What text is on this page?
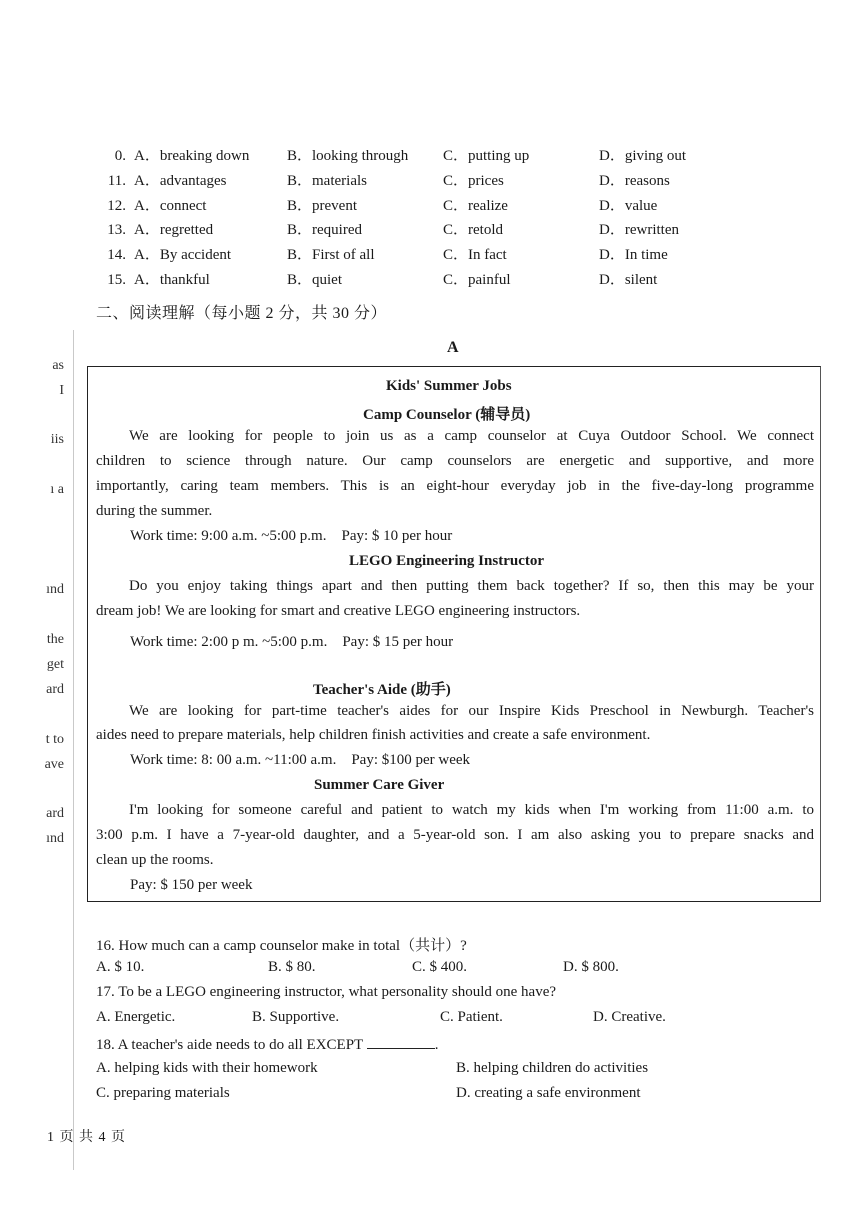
0. A．breaking down	B．looking through C．putting up	D．giving out
11. A．advantages	B．materials	C．prices	D．reasons
12. A．connect	B．prevent	C．realize	D．value
13. A．regretted	B．required	C．retold	D．rewritten
14. A．By accident	B．First of all	C．In fact	D．In time
15. A．thankful	B．quiet	C．painful	D．silent
二、阅读理解（每小题 2 分，共 30 分）
A
as
I
iis
ı a
ınd
the
get
ard
t to
ave
ard
ınd
Kids' Summer Jobs
Camp Counselor (辅导员)
We are looking for people to join us as a camp counselor at Cuya Outdoor School. We connect
children to science through nature. Our camp counselors are energetic and supportive, and more
importantly, caring team members. This is an eight-hour everyday job in the five-day-long programme
during the summer.
Work time: 9:00 a.m. ~5:00 p.m.    Pay: $ 10 per hour
LEGO Engineering Instructor
Do you enjoy taking things apart and then putting them back together? If so, then this may be your
dream job! We are looking for smart and creative LEGO engineering instructors.
Work time: 2:00 p m. ~5:00 p.m.    Pay: $ 15 per hour
Teacher's Aide (助手)
We are looking for part-time teacher's aides for our Inspire Kids Preschool in Newburgh. Teacher's
aides need to prepare materials, help children finish activities and create a safe environment.
Work time: 8: 00 a.m. ~11:00 a.m.    Pay: $100 per week
Summer Care Giver
I'm looking for someone careful and patient to watch my kids when I'm working from 11:00 a.m. to
3:00 p.m. I have a 7-year-old daughter, and a 5-year-old son. I am also asking you to prepare snacks and
clean up the rooms.
Pay: $ 150 per week
16. How much can a camp counselor make in total（共计）?
A. $ 10.	B. $ 80.	C. $ 400.	D. $ 800.
17. To be a LEGO engineering instructor, what personality should one have?
A. Energetic.	B. Supportive.	C. Patient.	D. Creative.
18. A teacher's aide needs to do all EXCEPT	.
A. helping kids with their homework	B. helping children do activities
C. preparing materials	D. creating a safe environment
1 页 共 4 页
